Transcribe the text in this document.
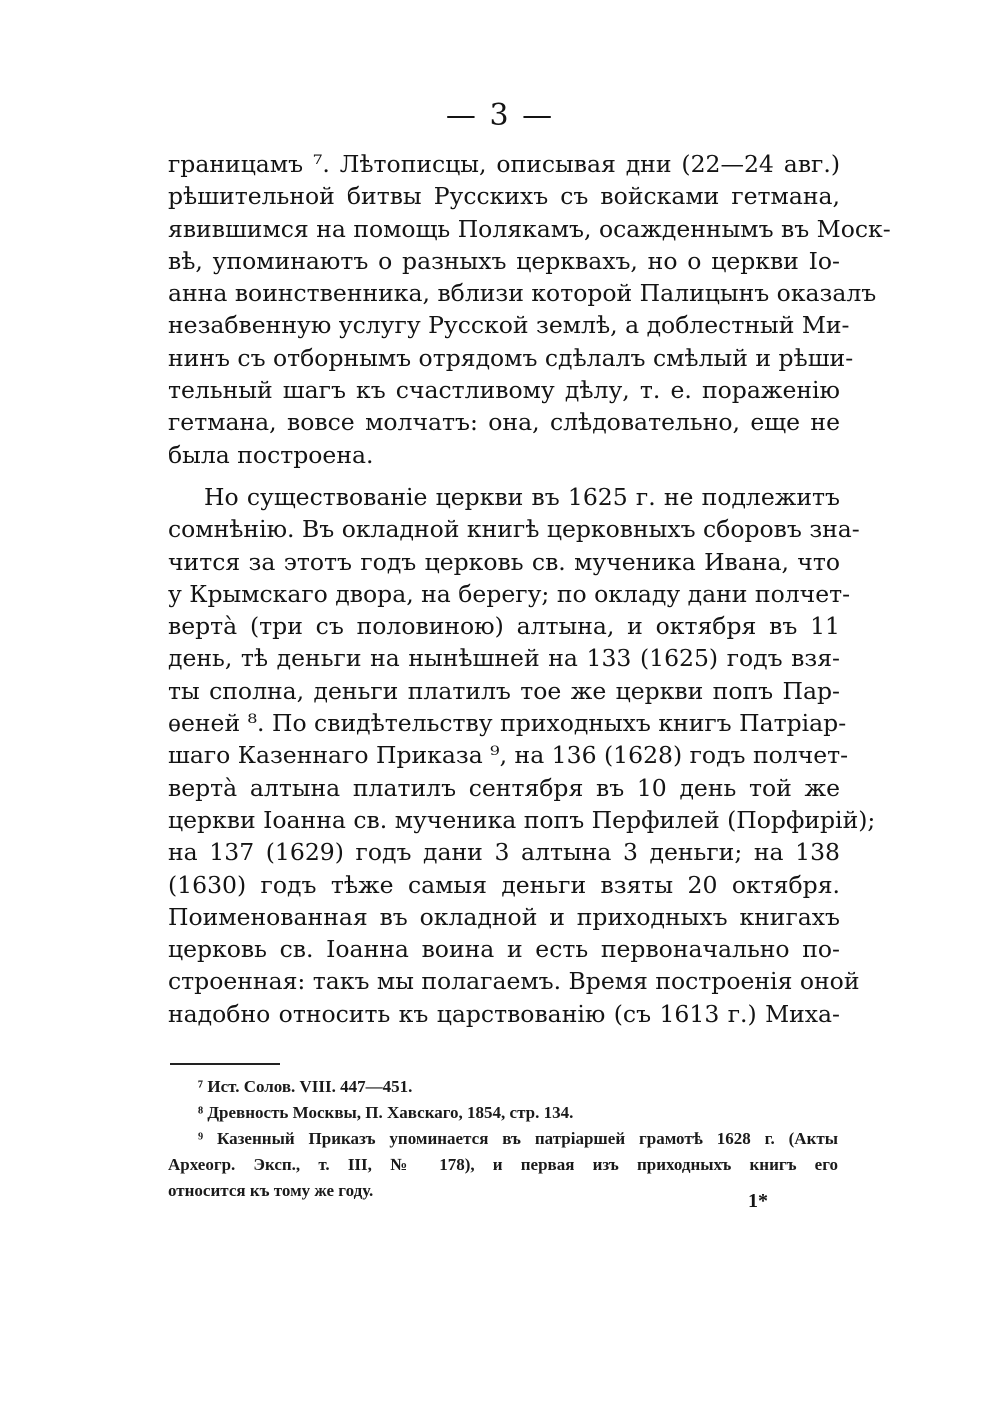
— 3 —
границамъ ⁷. Лѣтописцы, описывая дни (22—24 авг.)
рѣшительной битвы Русскихъ съ войсками гетмана,
явившимся на помощь Полякамъ, осажденнымъ въ Моск-
вѣ, упоминаютъ о разныхъ церквахъ, но о церкви Іо-
анна воинственника, вблизи которой Палицынъ оказалъ
незабвенную услугу Русской землѣ, а доблестный Ми-
нинъ съ отборнымъ отрядомъ сдѣлалъ смѣлый и рѣши-
тельный шагъ къ счастливому дѣлу, т. е. пораженію
гетмана, вовсе молчатъ: она, слѣдовательно, еще не
была построена.
Но существованіе церкви въ 1625 г. не подлежитъ
сомнѣнію. Въ окладной книгѣ церковныхъ сборовъ зна-
чится за этотъ годъ церковь св. мученика Ивана, что
у Крымскаго двора, на берегу; по окладу дани полчет-
вертà (три съ половиною) алтына, и октября въ 11
день, тѣ деньги на нынѣшней на 133 (1625) годъ взя-
ты сполна, деньги платилъ тое же церкви попъ Пар-
ѳеней ⁸. По свидѣтельству приходныхъ книгъ Патріар-
шаго Казеннаго Приказа ⁹, на 136 (1628) годъ полчет-
вертà алтына платилъ сентября въ 10 день той же
церкви Іоанна св. мученика попъ Перфилей (Порфирій);
на 137 (1629) годъ дани 3 алтына 3 деньги; на 138
(1630) годъ тѣже самыя деньги взяты 20 октября.
Поименованная въ окладной и приходныхъ книгахъ
церковь св. Іоанна воина и есть первоначально по-
строенная: такъ мы полагаемъ. Время построенія оной
надобно относить къ царствованію (съ 1613 г.) Миха-
⁷ Ист. Солов. VIII. 447—451.
⁸ Древность Москвы, П. Хавскаго, 1854, стр. 134.
⁹ Казенный Приказъ упоминается въ патріаршей грамотѣ 1628 г. (Акты
Археогр. Эксп., т. III, № 178), и первая изъ приходныхъ книгъ его
относится къ тому же году.	1*
